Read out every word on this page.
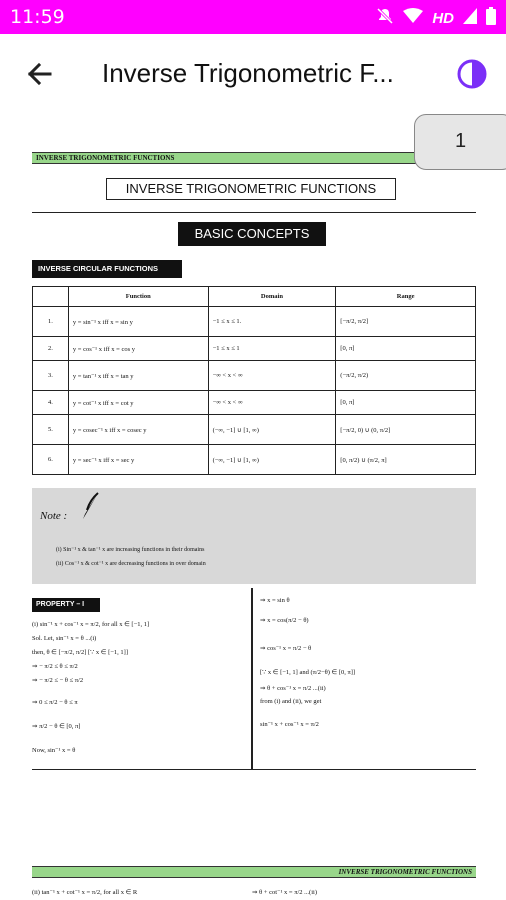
11:59	HD
Inverse Trigonometric F...
INVERSE TRIGONOMETRIC FUNCTIONS
1
INVERSE TRIGONOMETRIC FUNCTIONS
BASIC CONCEPTS
INVERSE CIRCULAR FUNCTIONS
	Function	Domain	Range
1.	y = sin⁻¹ x iff x = sin y	−1 ≤ x ≤ 1.	[−π/2, π/2]
2.	y = cos⁻¹ x iff x = cos y	−1 ≤ x ≤ 1	[0, π]
3.	y = tan⁻¹ x iff x = tan y	−∞ < x < ∞	(−π/2, π/2)
4.	y = cot⁻¹ x iff x = cot y	−∞ < x < ∞	[0, π]
5.	y = cosec⁻¹ x iff x = cosec y	(−∞, −1] ∪ [1, ∞)	[−π/2, 0) ∪ (0, π/2]
6.	y = sec⁻¹ x iff x = sec y	(−∞, −1] ∪ [1, ∞)	[0, π/2) ∪ (π/2, π]
Note :
(i) Sin⁻¹ x & tan⁻¹ x are increasing functions in their domains
(ii) Cos⁻¹ x & cot⁻¹ x are decreasing functions in over domain
PROPERTY – I
(i) sin⁻¹ x + cos⁻¹ x = π/2, for all x ∈ [−1, 1]
Sol. Let, sin⁻¹ x = θ ...(i)
then, θ ∈ [−π/2, π/2] [∵ x ∈ [−1, 1]]
⇒ − π/2 ≤ θ ≤ π/2
⇒ − π/2 ≤ − θ ≤ π/2
⇒ 0 ≤ π/2 − θ ≤ π
⇒ π/2 − θ ∈ [0, π]
Now, sin⁻¹ x = θ
⇒ x = sin θ
⇒ x = cos(π/2 − θ)
⇒ cos⁻¹ x = π/2 − θ
[∵ x ∈ [−1, 1] and (π/2−θ) ∈ [0, π]]
⇒ θ + cos⁻¹ x = π/2 ...(ii)
from (i) and (ii), we get
sin⁻¹ x + cos⁻¹ x = π/2
INVERSE TRIGONOMETRIC FUNCTIONS
(ii) tan⁻¹ x + cot⁻¹ x = π/2, for all x ∈ R	⇒ θ + cot⁻¹ x = π/2 ...(ii)
